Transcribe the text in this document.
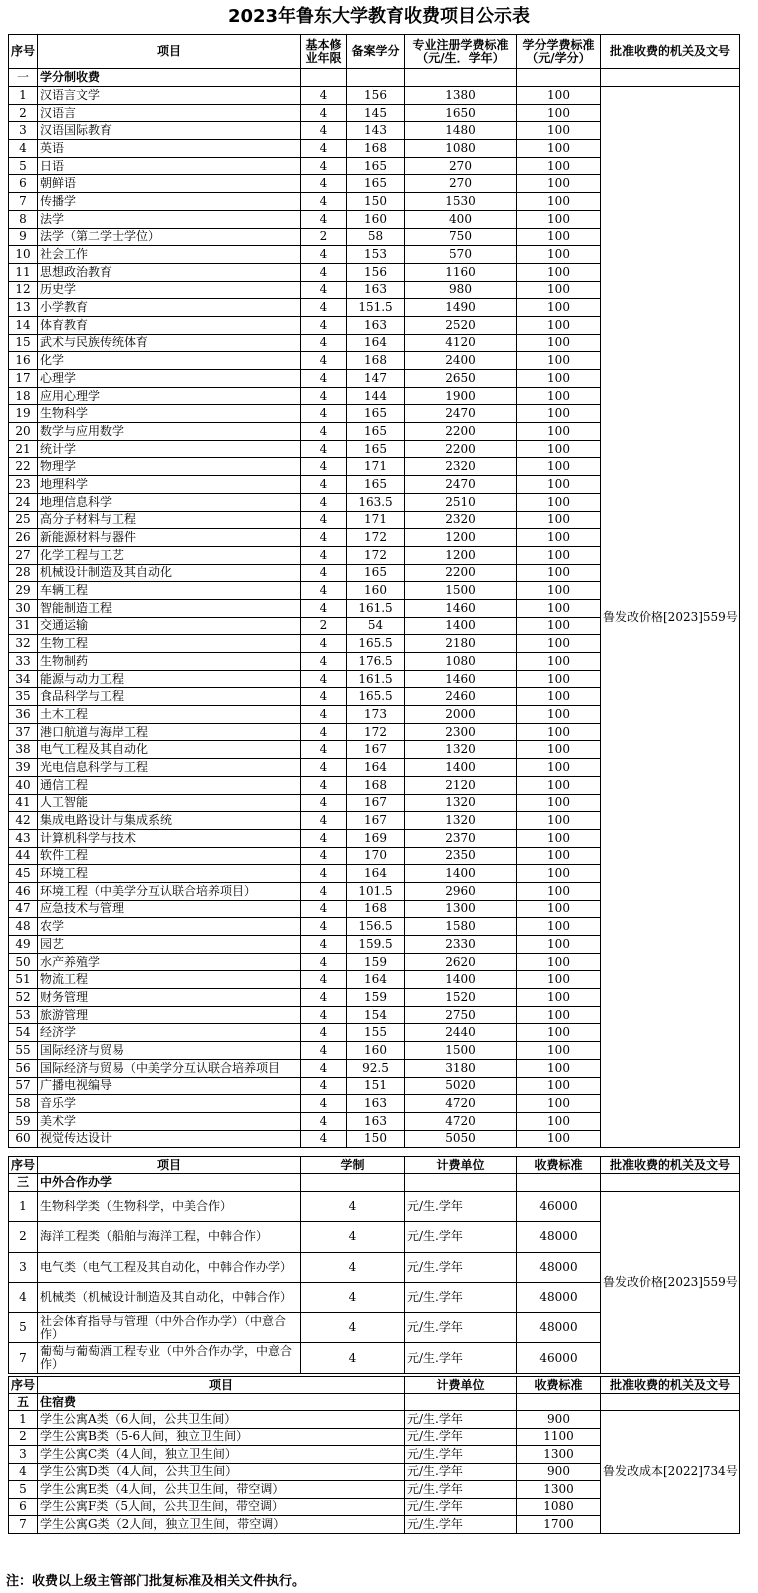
2023年鲁东大学教育收费项目公示表
序号	项目	基本修业年限	备案学分	专业注册学费标准（元/生．学年）	学分学费标准（元/学分）	批准收费的机关及文号
一	学分制收费					
1	汉语言文学	4	156	1380	100	鲁发改价格[2023]559号
2	汉语言	4	145	1650	100	
3	汉语国际教育	4	143	1480	100	
4	英语	4	168	1080	100	
5	日语	4	165	270	100	
6	朝鲜语	4	165	270	100	
7	传播学	4	150	1530	100	
8	法学	4	160	400	100	
9	法学（第二学士学位）	2	58	750	100	
10	社会工作	4	153	570	100	
11	思想政治教育	4	156	1160	100	
12	历史学	4	163	980	100	
13	小学教育	4	151.5	1490	100	
14	体育教育	4	163	2520	100	
15	武术与民族传统体育	4	164	4120	100	
16	化学	4	168	2400	100	
17	心理学	4	147	2650	100	
18	应用心理学	4	144	1900	100	
19	生物科学	4	165	2470	100	
20	数学与应用数学	4	165	2200	100	
21	统计学	4	165	2200	100	
22	物理学	4	171	2320	100	
23	地理科学	4	165	2470	100	
24	地理信息科学	4	163.5	2510	100	
25	高分子材料与工程	4	171	2320	100	
26	新能源材料与器件	4	172	1200	100	
27	化学工程与工艺	4	172	1200	100	
28	机械设计制造及其自动化	4	165	2200	100	
29	车辆工程	4	160	1500	100	
30	智能制造工程	4	161.5	1460	100	
31	交通运输	2	54	1400	100	
32	生物工程	4	165.5	2180	100	
33	生物制药	4	176.5	1080	100	
34	能源与动力工程	4	161.5	1460	100	
35	食品科学与工程	4	165.5	2460	100	
36	土木工程	4	173	2000	100	
37	港口航道与海岸工程	4	172	2300	100	
38	电气工程及其自动化	4	167	1320	100	
39	光电信息科学与工程	4	164	1400	100	
40	通信工程	4	168	2120	100	
41	人工智能	4	167	1320	100	
42	集成电路设计与集成系统	4	167	1320	100	
43	计算机科学与技术	4	169	2370	100	
44	软件工程	4	170	2350	100	
45	环境工程	4	164	1400	100	
46	环境工程（中美学分互认联合培养项目）	4	101.5	2960	100	
47	应急技术与管理	4	168	1300	100	
48	农学	4	156.5	1580	100	
49	园艺	4	159.5	2330	100	
50	水产养殖学	4	159	2620	100	
51	物流工程	4	164	1400	100	
52	财务管理	4	159	1520	100	
53	旅游管理	4	154	2750	100	
54	经济学	4	155	2440	100	
55	国际经济与贸易	4	160	1500	100	
56	国际经济与贸易（中美学分互认联合培养项目	4	92.5	3180	100	
57	广播电视编导	4	151	5020	100	
58	音乐学	4	163	4720	100	
59	美术学	4	163	4720	100	
60	视觉传达设计	4	150	5050	100	
序号	项目	学制	计费单位	收费标准	批准收费的机关及文号
三	中外合作办学				
1	生物科学类（生物科学，中美合作）	4	元/生.学年	46000	鲁发改价格[2023]559号
2	海洋工程类（船舶与海洋工程，中韩合作）	4	元/生.学年	48000	
3	电气类（电气工程及其自动化，中韩合作办学）	4	元/生.学年	48000	
4	机械类（机械设计制造及其自动化，中韩合作）	4	元/生.学年	48000	
5	社会体育指导与管理（中外合作办学）（中意合作）	4	元/生.学年	48000	
7	葡萄与葡萄酒工程专业（中外合作办学，中意合作）	4	元/生.学年	46000	
序号	项目	计费单位	收费标准	批准收费的机关及文号
五	住宿费			
1	学生公寓A类（6人间，公共卫生间）	元/生.学年	900	鲁发改成本[2022]734号
2	学生公寓B类（5-6人间，独立卫生间）	元/生.学年	1100	
3	学生公寓C类（4人间，独立卫生间）	元/生.学年	1300	
4	学生公寓D类（4人间，公共卫生间）	元/生.学年	900	
5	学生公寓E类（4人间，公共卫生间，带空调）	元/生.学年	1300	
6	学生公寓F类（5人间，公共卫生间，带空调）	元/生.学年	1080	
7	学生公寓G类（2人间，独立卫生间，带空调）	元/生.学年	1700	
注：收费以上级主管部门批复标准及相关文件执行。
